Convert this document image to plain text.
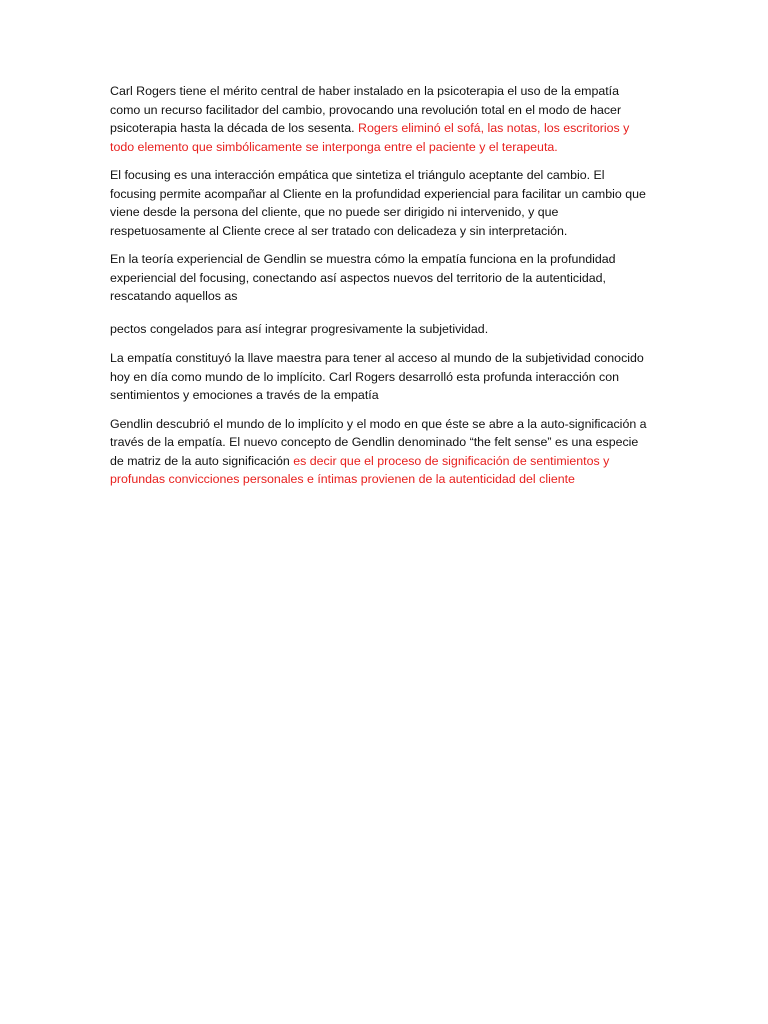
Carl Rogers tiene el mérito central de haber instalado en la psicoterapia el uso de la empatía como un recurso facilitador del cambio, provocando una revolución total en el modo de hacer psicoterapia hasta la década de los sesenta. Rogers eliminó el sofá, las notas, los escritorios y todo elemento que simbólicamente se interponga entre el paciente y el terapeuta.

El focusing es una interacción empática que sintetiza el triángulo aceptante del cambio. El focusing permite acompañar al Cliente en la profundidad experiencial para facilitar un cambio que viene desde la persona del cliente, que no puede ser dirigido ni intervenido, y que respetuosamente al Cliente crece al ser tratado con delicadeza y sin interpretación.

En la teoría experiencial de Gendlin se muestra cómo la empatía funciona en la profundidad experiencial del focusing, conectando así aspectos nuevos del territorio de la autenticidad, rescatando aquellos as

pectos congelados para así integrar progresivamente la subjetividad.

La empatía constituyó la llave maestra para tener al acceso al mundo de la subjetividad conocido hoy en día como mundo de lo implícito. Carl Rogers desarrolló esta profunda interacción con sentimientos y emociones a través de la empatía

Gendlin descubrió el mundo de lo implícito y el modo en que éste se abre a la auto-significación a través de la empatía. El nuevo concepto de Gendlin denominado “the felt sense” es una especie de matriz de la auto significación es decir que el proceso de significación de sentimientos y profundas convicciones personales e íntimas provienen de la autenticidad del cliente
